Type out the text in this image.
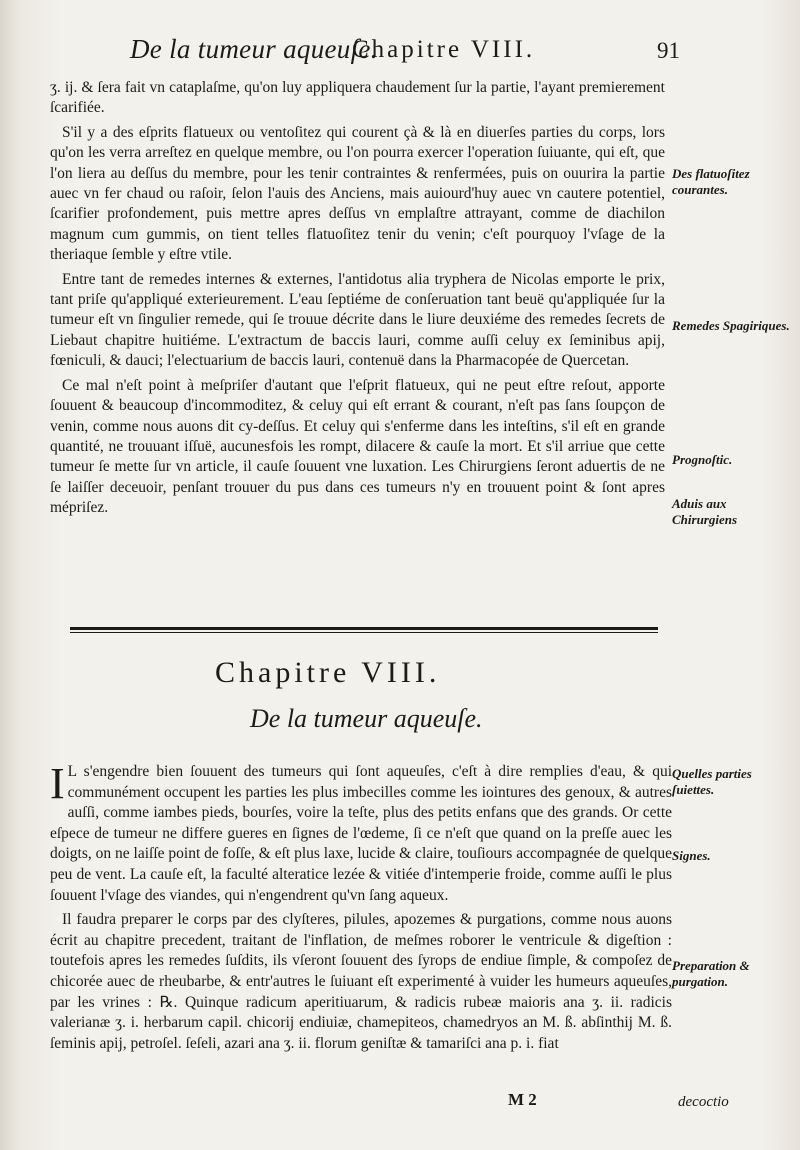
De la tumeur aqueuſe.
Chapitre VIII.	91

ʒ. ij. & ſera fait vn cataplaſme, qu'on luy appliquera chaudement ſur la partie, l'ayant premierement ſcarifiée.

S'il y a des eſprits flatueux ou ventoſitez qui courent çà & là en diuerſes parties du corps, lors qu'on les verra arreſtez en quelque membre, ou l'on pourra exercer l'operation ſuiuante, qui eſt, que l'on liera au deſſus du membre, pour les tenir contraintes & renfermées, puis on ouurira la partie auec vn fer chaud ou raſoir, ſelon l'auis des Anciens, mais auiourd'huy auec vn cautere potentiel, ſcarifier profondement, puis mettre apres deſſus vn emplaſtre attrayant, comme de diachilon magnum cum gummis, on tient telles flatuoſitez tenir du venin; c'eſt pourquoy l'vſage de la theriaque ſemble y eſtre vtile.

Entre tant de remedes internes & externes, l'antidotus alia tryphera de Nicolas emporte le prix, tant priſe qu'appliqué exterieurement. L'eau ſeptiéme de conſeruation tant beuë qu'appliquée ſur la tumeur eſt vn ſingulier remede, qui ſe trouue décrite dans le liure deuxiéme des remedes ſecrets de Liebaut chapitre huitiéme. L'extractum de baccis lauri, comme auſſi celuy ex ſeminibus apij, fœniculi, & dauci; l'electuarium de baccis lauri, contenuë dans la Pharmacopée de Quercetan.

Ce mal n'eſt point à meſpriſer d'autant que l'eſprit flatueux, qui ne peut eſtre reſout, apporte ſouuent & beaucoup d'incommoditez, & celuy qui eſt errant & courant, n'eſt pas ſans ſoupçon de venin, comme nous auons dit cy-deſſus. Et celuy qui s'enferme dans les inteſtins, s'il eſt en grande quantité, ne trouuant iſſuë, aucunesfois les rompt, dilacere & cauſe la mort. Et s'il arriue que cette tumeur ſe mette ſur vn article, il cauſe ſouuent vne luxation. Les Chirurgiens ſeront aduertis de ne ſe laiſſer deceuoir, penſant trouuer du pus dans ces tumeurs n'y en trouuent point & ſont apres mépriſez.

Chapitre VIII.
De la tumeur aqueuſe.

I L s'engendre bien ſouuent des tumeurs qui ſont aqueuſes, c'eſt à dire remplies d'eau, & qui communément occupent les parties les plus imbecilles comme les iointures des genoux, & autres auſſi, comme iambes pieds, bourſes, voire la teſte, plus des petits enfans que des grands. Or cette eſpece de tumeur ne differe gueres en ſignes de l'œdeme, ſi ce n'eſt que quand on la preſſe auec les doigts, on ne laiſſe point de foſſe, & eſt plus laxe, lucide & claire, touſiours accompagnée de quelque peu de vent. La cauſe eſt, la faculté alteratice lezée & vitiée d'intemperie froide, comme auſſi le plus ſouuent l'vſage des viandes, qui n'engendrent qu'vn ſang aqueux.

Il faudra preparer le corps par des clyſteres, pilules, apozemes & purgations, comme nous auons écrit au chapitre precedent, traitant de l'inflation, de meſmes roborer le ventricule & digeſtion : toutefois apres les remedes ſuſdits, ils vſeront ſouuent des ſyrops de endiue ſimple, & compoſez de chicorée auec de rheubarbe, & entr'autres le ſuiuant eſt experimenté à vuider les humeurs aqueuſes, par les vrines : ℞. Quinque radicum aperitiuarum, & radicis rubeæ maioris ana ʒ. ii. radicis valerianæ ʒ. i. herbarum capil. chicorij endiuiæ, chamepiteos, chamedryos an M. ß. abſinthij M. ß. ſeminis apij, petroſel. ſeſeli, azari ana ʒ. ii. florum geniſtæ & tamariſci ana p. i. fiat

Des flatuoſitez courantes.
Remedes Spagiriques.
Prognoſtic.
Aduis aux Chirurgiens
Quelles parties ſuiettes.
Signes.
Preparation & purgation.
M 2	decoctio
